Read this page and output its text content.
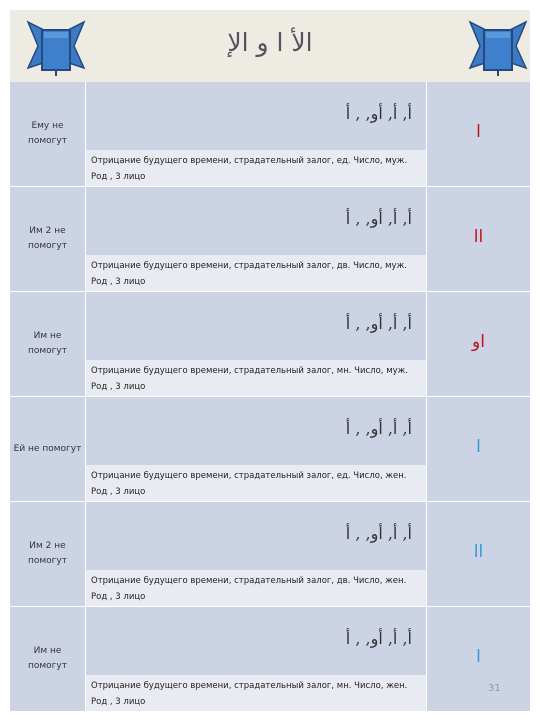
الأ ا و الإ
Ему не помогут
أ, أ, أو, , أ
Отрицание будущего времени, страдательный залог, ед. Число, муж. Род , 3 лицо
ا
Им 2 не помогут
أ, أ, أو, , أ
Отрицание будущего времени, страдательный залог, дв. Число, муж. Род , 3 лицо
اا
Им не помогут
أ, أ, أو, , أ
Отрицание будущего времени, страдательный залог, мн. Число, муж. Род , 3 лицо
او
Ей не помогут
أ, أ, أو, , أ
Отрицание будущего времени, страдательный залог, ед. Число, жен. Род , 3 лицо
ا
Им 2 не помогут
أ, أ, أو, , أ
Отрицание будущего времени, страдательный залог, дв. Число, жен. Род , 3 лицо
اا
Им не помогут
أ, أ, أو, , أ
Отрицание будущего времени, страдательный залог, мн. Число, жен. Род , 3 лицо
ا
31
